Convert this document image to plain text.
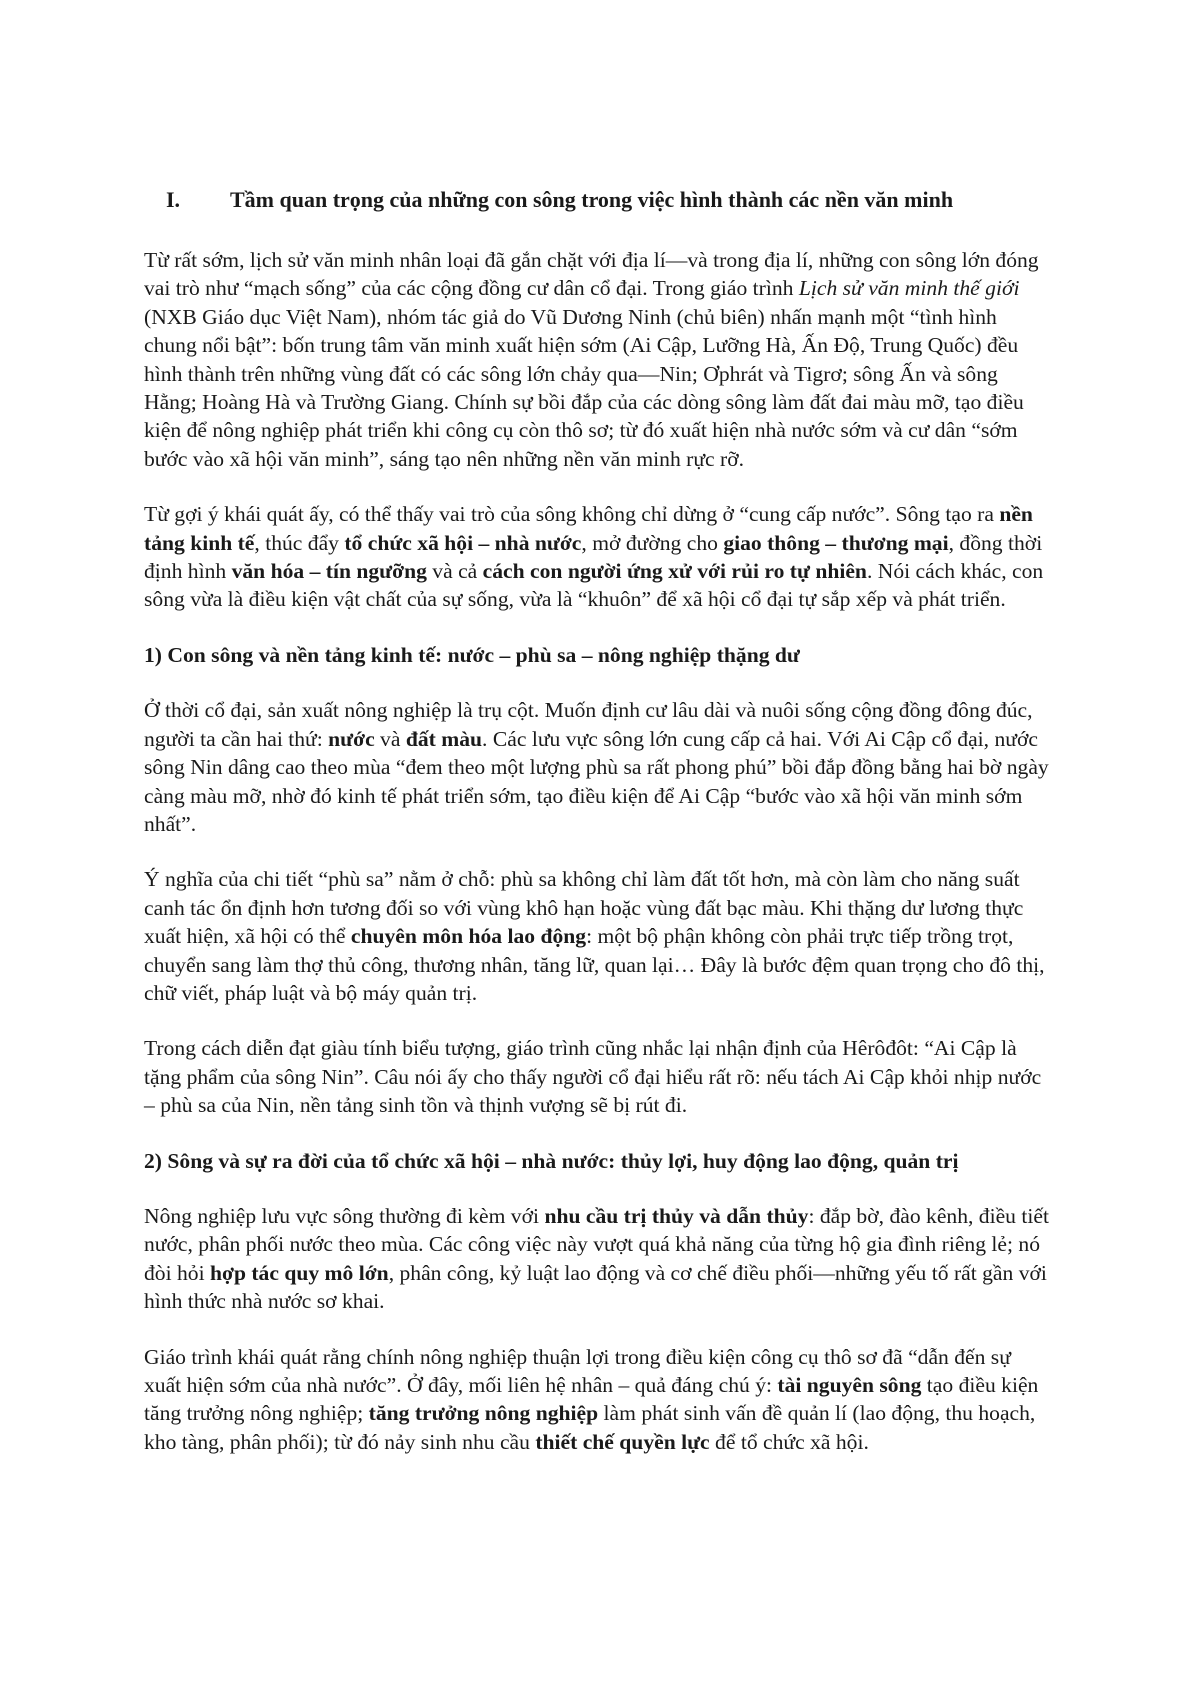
I.	Tầm quan trọng của những con sông trong việc hình thành các nền văn minh

Từ rất sớm, lịch sử văn minh nhân loại đã gắn chặt với địa lí—và trong địa lí, những con sông lớn đóng vai trò như “mạch sống” của các cộng đồng cư dân cổ đại. Trong giáo trình Lịch sử văn minh thế giới (NXB Giáo dục Việt Nam), nhóm tác giả do Vũ Dương Ninh (chủ biên) nhấn mạnh một “tình hình chung nổi bật”: bốn trung tâm văn minh xuất hiện sớm (Ai Cập, Lưỡng Hà, Ấn Độ, Trung Quốc) đều hình thành trên những vùng đất có các sông lớn chảy qua—Nin; Ơphrát và Tigrơ; sông Ấn và sông Hằng; Hoàng Hà và Trường Giang. Chính sự bồi đắp của các dòng sông làm đất đai màu mỡ, tạo điều kiện để nông nghiệp phát triển khi công cụ còn thô sơ; từ đó xuất hiện nhà nước sớm và cư dân “sớm bước vào xã hội văn minh”, sáng tạo nên những nền văn minh rực rỡ.

Từ gợi ý khái quát ấy, có thể thấy vai trò của sông không chỉ dừng ở “cung cấp nước”. Sông tạo ra nền tảng kinh tế, thúc đẩy tổ chức xã hội – nhà nước, mở đường cho giao thông – thương mại, đồng thời định hình văn hóa – tín ngưỡng và cả cách con người ứng xử với rủi ro tự nhiên. Nói cách khác, con sông vừa là điều kiện vật chất của sự sống, vừa là “khuôn” để xã hội cổ đại tự sắp xếp và phát triển.

1) Con sông và nền tảng kinh tế: nước – phù sa – nông nghiệp thặng dư

Ở thời cổ đại, sản xuất nông nghiệp là trụ cột. Muốn định cư lâu dài và nuôi sống cộng đồng đông đúc, người ta cần hai thứ: nước và đất màu. Các lưu vực sông lớn cung cấp cả hai. Với Ai Cập cổ đại, nước sông Nin dâng cao theo mùa “đem theo một lượng phù sa rất phong phú” bồi đắp đồng bằng hai bờ ngày càng màu mỡ, nhờ đó kinh tế phát triển sớm, tạo điều kiện để Ai Cập “bước vào xã hội văn minh sớm nhất”.

Ý nghĩa của chi tiết “phù sa” nằm ở chỗ: phù sa không chỉ làm đất tốt hơn, mà còn làm cho năng suất canh tác ổn định hơn tương đối so với vùng khô hạn hoặc vùng đất bạc màu. Khi thặng dư lương thực xuất hiện, xã hội có thể chuyên môn hóa lao động: một bộ phận không còn phải trực tiếp trồng trọt, chuyển sang làm thợ thủ công, thương nhân, tăng lữ, quan lại… Đây là bước đệm quan trọng cho đô thị, chữ viết, pháp luật và bộ máy quản trị.

Trong cách diễn đạt giàu tính biểu tượng, giáo trình cũng nhắc lại nhận định của Hêrôđôt: “Ai Cập là tặng phẩm của sông Nin”. Câu nói ấy cho thấy người cổ đại hiểu rất rõ: nếu tách Ai Cập khỏi nhịp nước – phù sa của Nin, nền tảng sinh tồn và thịnh vượng sẽ bị rút đi.

2) Sông và sự ra đời của tổ chức xã hội – nhà nước: thủy lợi, huy động lao động, quản trị

Nông nghiệp lưu vực sông thường đi kèm với nhu cầu trị thủy và dẫn thủy: đắp bờ, đào kênh, điều tiết nước, phân phối nước theo mùa. Các công việc này vượt quá khả năng của từng hộ gia đình riêng lẻ; nó đòi hỏi hợp tác quy mô lớn, phân công, kỷ luật lao động và cơ chế điều phối—những yếu tố rất gần với hình thức nhà nước sơ khai.

Giáo trình khái quát rằng chính nông nghiệp thuận lợi trong điều kiện công cụ thô sơ đã “dẫn đến sự xuất hiện sớm của nhà nước”. Ở đây, mối liên hệ nhân – quả đáng chú ý: tài nguyên sông tạo điều kiện tăng trưởng nông nghiệp; tăng trưởng nông nghiệp làm phát sinh vấn đề quản lí (lao động, thu hoạch, kho tàng, phân phối); từ đó nảy sinh nhu cầu thiết chế quyền lực để tổ chức xã hội.
